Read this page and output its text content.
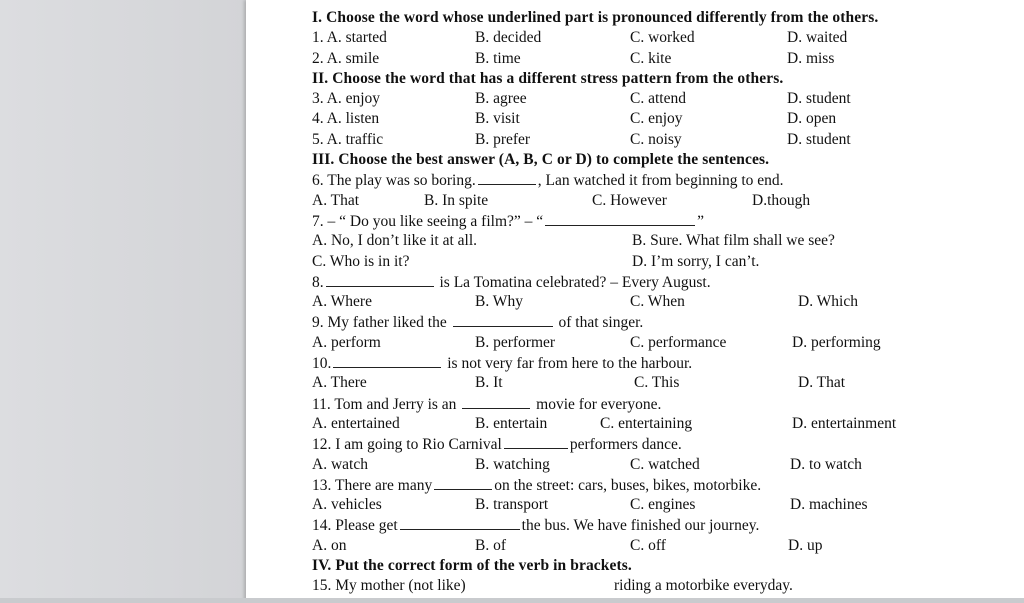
I. Choose the word whose underlined part is pronounced differently from the others.
1. A. started	B. decided	C. worked	D. waited
2. A. smile	B. time	C. kite	D. miss
II. Choose the word that has a different stress pattern from the others.
3. A. enjoy	B. agree	C. attend	D. student
4. A. listen	B. visit	C. enjoy	D. open
5. A. traffic	B. prefer	C. noisy	D. student
III. Choose the best answer (A, B, C or D) to complete the sentences.
6. The play was so boring.	, Lan watched it from beginning to end.
A. That	B. In spite	C. However	D.though
7. – “ Do you like seeing a film?” – “	”
A. No, I don’t like it at all.	B. Sure. What film shall we see?
C. Who is in it?	D. I’m sorry, I can’t.
8.	is La Tomatina celebrated? – Every August.
A. Where	B. Why	C. When	D. Which
9. My father liked the	of that singer.
A. perform	B. performer	C. performance	D. performing
10.	is not very far from here to the harbour.
A. There	B. It	C. This	D. That
11. Tom and Jerry is an	movie for everyone.
A. entertained	B. entertain	C. entertaining	D. entertainment
12. I am going to Rio Carnival	performers dance.
A. watch	B. watching	C. watched	D. to watch
13. There are many	on the street: cars, buses, bikes, motorbike.
A. vehicles	B. transport	C. engines	D. machines
14. Please get	the bus. We have finished our journey.
A. on	B. of	C. off	D. up
IV. Put the correct form of the verb in brackets.
15. My mother (not like)	riding a motorbike everyday.
